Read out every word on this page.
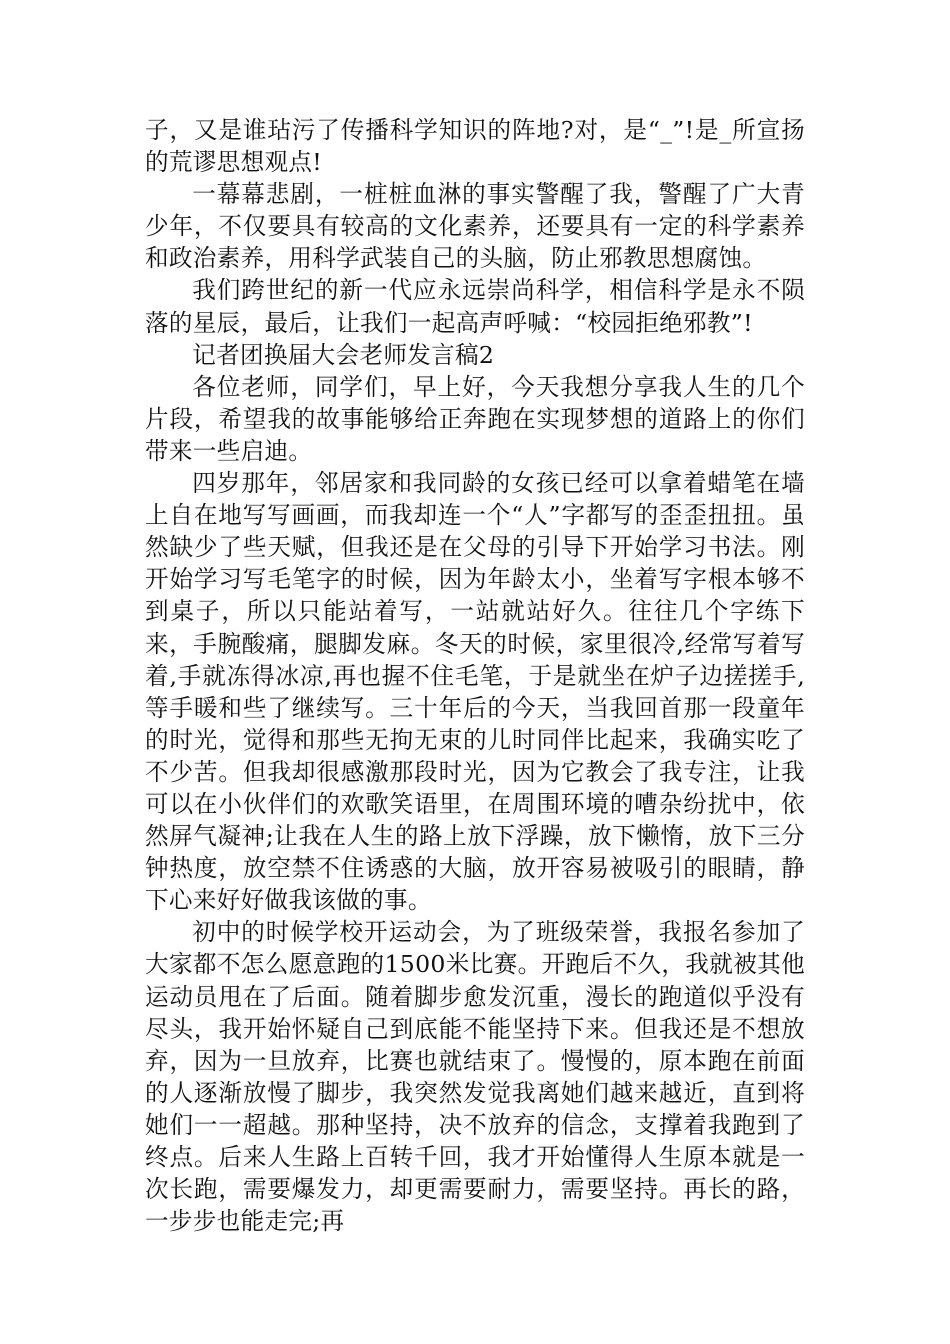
子，又是谁玷污了传播科学知识的阵地?对，是“_”!是_所宣扬的荒谬思想观点!

一幕幕悲剧，一桩桩血淋的事实警醒了我，警醒了广大青少年，不仅要具有较高的文化素养，还要具有一定的科学素养和政治素养，用科学武装自己的头脑，防止邪教思想腐蚀。

我们跨世纪的新一代应永远崇尚科学，相信科学是永不陨落的星辰，最后，让我们一起高声呼喊：“校园拒绝邪教”!

记者团换届大会老师发言稿2

各位老师，同学们，早上好，今天我想分享我人生的几个片段，希望我的故事能够给正奔跑在实现梦想的道路上的你们带来一些启迪。

四岁那年，邻居家和我同龄的女孩已经可以拿着蜡笔在墙上自在地写写画画，而我却连一个“人”字都写的歪歪扭扭。虽然缺少了些天赋，但我还是在父母的引导下开始学习书法。刚开始学习写毛笔字的时候，因为年龄太小，坐着写字根本够不到桌子，所以只能站着写，一站就站好久。往往几个字练下来，手腕酸痛，腿脚发麻。冬天的时候，家里很冷,经常写着写着,手就冻得冰凉,再也握不住毛笔，于是就坐在炉子边搓搓手,等手暖和些了继续写。三十年后的今天，当我回首那一段童年的时光，觉得和那些无拘无束的儿时同伴比起来，我确实吃了不少苦。但我却很感激那段时光，因为它教会了我专注，让我可以在小伙伴们的欢歌笑语里，在周围环境的嘈杂纷扰中，依然屏气凝神;让我在人生的路上放下浮躁，放下懒惰，放下三分钟热度，放空禁不住诱惑的大脑，放开容易被吸引的眼睛，静下心来好好做我该做的事。

初中的时候学校开运动会，为了班级荣誉，我报名参加了大家都不怎么愿意跑的1500米比赛。开跑后不久，我就被其他运动员甩在了后面。随着脚步愈发沉重，漫长的跑道似乎没有尽头，我开始怀疑自己到底能不能坚持下来。但我还是不想放弃，因为一旦放弃，比赛也就结束了。慢慢的，原本跑在前面的人逐渐放慢了脚步，我突然发觉我离她们越来越近，直到将她们一一超越。那种坚持，决不放弃的信念，支撑着我跑到了终点。后来人生路上百转千回，我才开始懂得人生原本就是一次长跑，需要爆发力，却更需要耐力，需要坚持。再长的路，一步步也能走完;再
